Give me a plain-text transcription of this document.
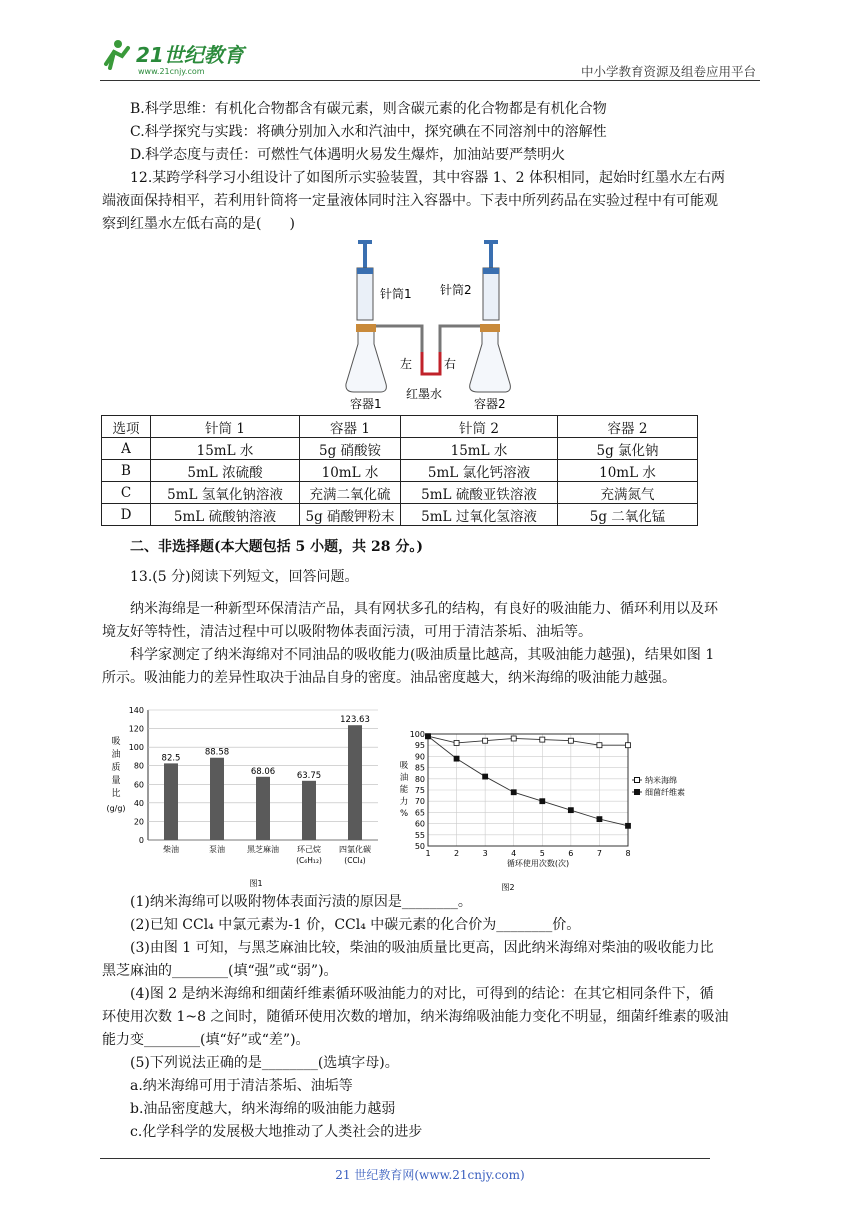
21世纪教育
www.21cnjy.com	中小学教育资源及组卷应用平台
B.科学思维：有机化合物都含有碳元素，则含碳元素的化合物都是有机化合物
C.科学探究与实践：将碘分别加入水和汽油中，探究碘在不同溶剂中的溶解性
D.科学态度与责任：可燃性气体遇明火易发生爆炸，加油站要严禁明火
12.某跨学科学习小组设计了如图所示实验装置，其中容器 1、2 体积相同，起始时红墨水左右两
端液面保持相平，若利用针筒将一定量液体同时注入容器中。下表中所列药品在实验过程中有可能观
察到红墨水左低右高的是(　　)
针筒1 针筒2
左	右
容器1
红墨水
容器2
选项	针筒 1	容器 1	针筒 2	容器 2
A	15mL 水	5g 硝酸铵	15mL 水	5g 氯化钠
B	5mL 浓硫酸	10mL 水	5mL 氯化钙溶液	10mL 水
C	5mL 氢氧化钠溶液	充满二氧化硫	5mL 硫酸亚铁溶液	充满氮气
D	5mL 硫酸钠溶液	5g 硝酸钾粉末	5mL 过氧化氢溶液	5g 二氧化锰
二、非选择题(本大题包括 5 小题，共 28 分。)
13.(5 分)阅读下列短文，回答问题。
纳米海绵是一种新型环保清洁产品，具有网状多孔的结构，有良好的吸油能力、循环利用以及环
境友好等特性，清洁过程中可以吸附物体表面污渍，可用于清洁茶垢、油垢等。
科学家测定了纳米海绵对不同油品的吸收能力(吸油质量比越高，其吸油能力越强)，结果如图 1
所示。吸油能力的差异性取决于油品自身的密度。油品密度越大，纳米海绵的吸油能力越强。
0
20
40
60
80
100
120
140
吸
油
质
量
比
(g/g)
82.5
柴油
88.58
泵油
68.06
黑芝麻油
63.75
环己烷
(C₆H₁₂)
123.63
四氯化碳
(CCl₄)
图1
50
55
60
65
70
75
80
85
90
95
100
1	2	3	4	5	6	7	8
吸
油
能
力
%
循环使用次数(次)
纳米海绵
细菌纤维素
图2
(1)纳米海绵可以吸附物体表面污渍的原因是________。
(2)已知 CCl₄ 中氯元素为-1 价，CCl₄ 中碳元素的化合价为________价。
(3)由图 1 可知，与黑芝麻油比较，柴油的吸油质量比更高，因此纳米海绵对柴油的吸收能力比
黑芝麻油的________(填“强”或“弱”)。
(4)图 2 是纳米海绵和细菌纤维素循环吸油能力的对比，可得到的结论：在其它相同条件下，循
环使用次数 1~8 之间时，随循环使用次数的增加，纳米海绵吸油能力变化不明显，细菌纤维素的吸油
能力变________(填“好”或“差”)。
(5)下列说法正确的是________(选填字母)。
a.纳米海绵可用于清洁茶垢、油垢等
b.油品密度越大，纳米海绵的吸油能力越弱
c.化学科学的发展极大地推动了人类社会的进步
21 世纪教育网(www.21cnjy.com)
